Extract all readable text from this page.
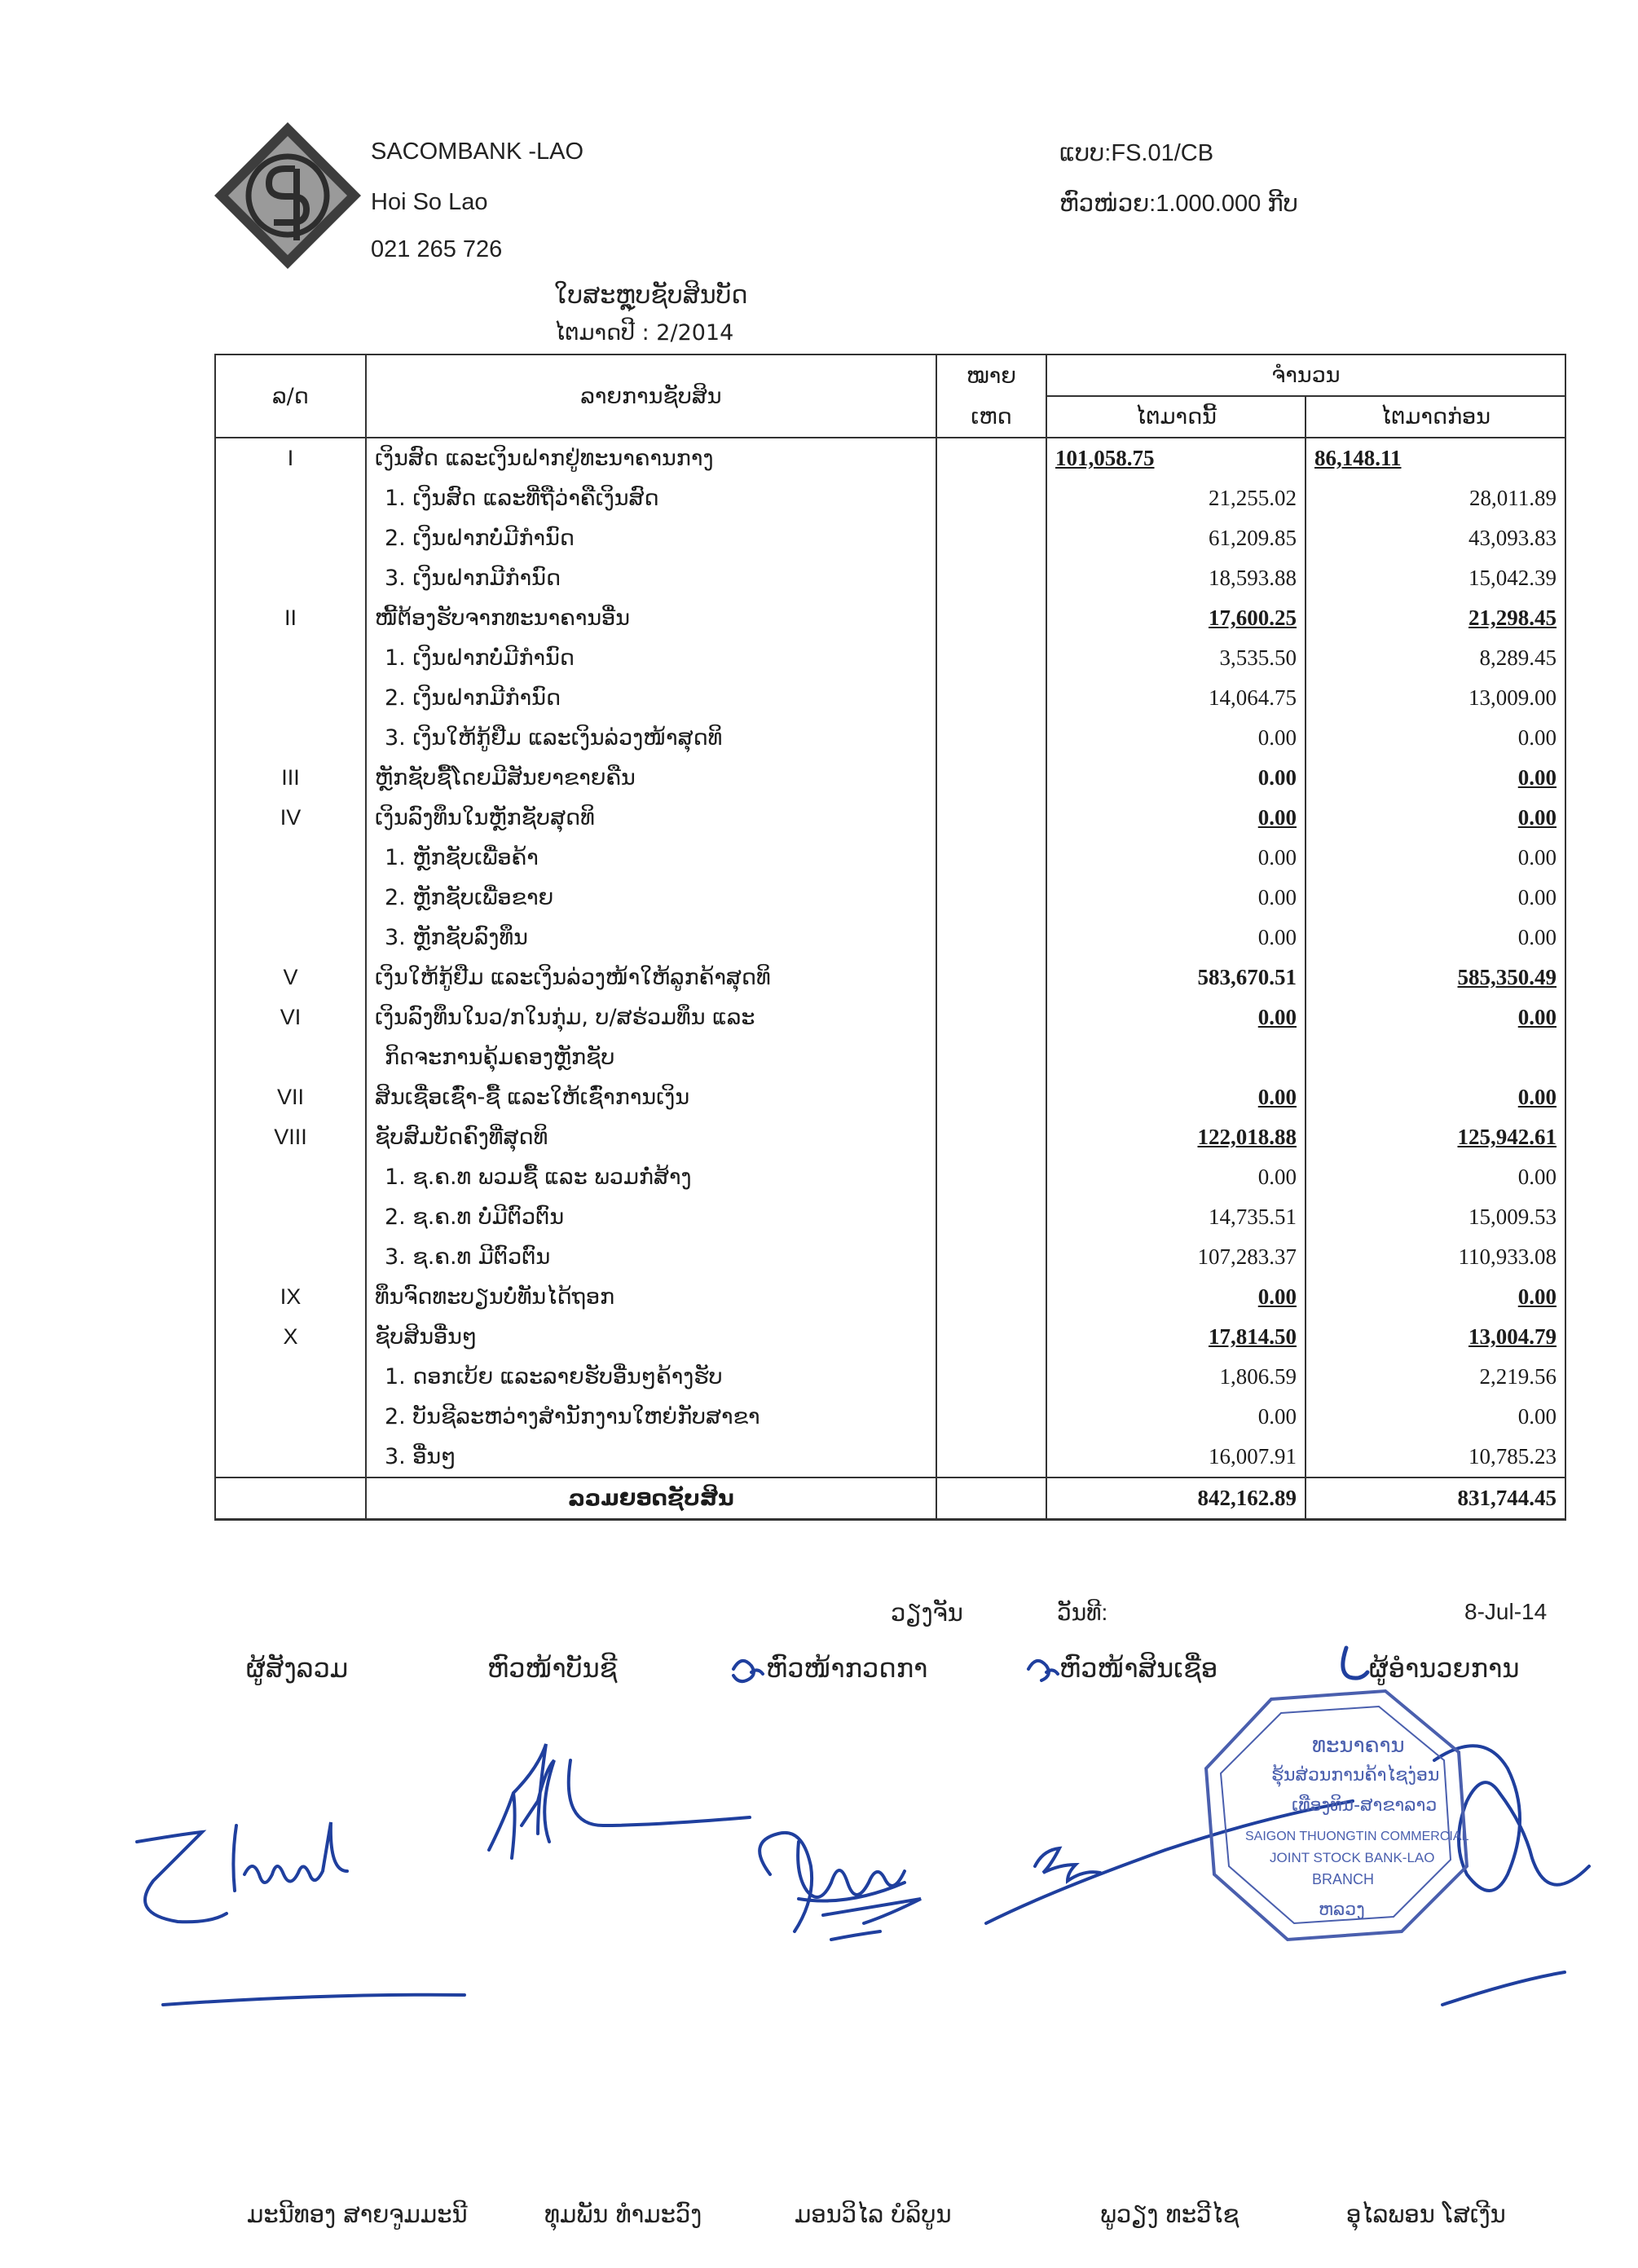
SACOMBANK -LAO
Hoi So Lao
021 265 726
ແບບ:FS.01/CB
ຫົວໜ່ວຍ:1.000.000 ກີບ
ໃບສະຫຼຸບຊັບສິນບັດ
ໄຕມາດປີ : 2/2014
ລ/ດ	ລາຍການຊັບສິນ	ໝາຍ	ຈຳນວນ	
		ເຫດ	ໄຕມາດນີ້	ໄຕມາດກ່ອນ
I	ເງິນສົດ ແລະເງິນຝາກຢູ່ທະນາຄານກາງ		101,058.75	86,148.11
	1. ເງິນສົດ ແລະທີ່ຖືວ່າຄືເງິນສົດ		21,255.02	28,011.89
	2. ເງິນຝາກບໍ່ມີກຳນົດ		61,209.85	43,093.83
	3. ເງິນຝາກມີກຳນົດ		18,593.88	15,042.39
II	ໜີ້ຕ້ອງຮັບຈາກທະນາຄານອື່ນ		17,600.25	21,298.45
	1. ເງິນຝາກບໍ່ມີກຳນົດ		3,535.50	8,289.45
	2. ເງິນຝາກມີກຳນົດ		14,064.75	13,009.00
	3. ເງິນໃຫ້ກູ້ຢືມ ແລະເງິນລ່ວງໜ້າສຸດທິ		0.00	0.00
III	ຫຼັກຊັບຊື້ໂດຍມີສັນຍາຂາຍຄືນ		0.00	0.00
IV	ເງິນລົງທຶນໃນຫຼັກຊັບສຸດທິ		0.00	0.00
	1. ຫຼັກຊັບເພື່ອຄ້າ		0.00	0.00
	2. ຫຼັກຊັບເພື່ອຂາຍ		0.00	0.00
	3. ຫຼັກຊັບລົງທຶນ		0.00	0.00
V	ເງິນໃຫ້ກູ້ຢືມ ແລະເງິນລ່ວງໜ້າໃຫ້ລູກຄ້າສຸດທິ		583,670.51	585,350.49
VI	ເງິນລົງທຶນໃນວ/ກໃນກຸ່ມ, ບ/ສຮ່ວມທຶນ ແລະ		0.00	0.00
	ກິດຈະການຄຸ້ມຄອງຫຼັກຊັບ			
VII	ສິນເຊື່ອເຊົ່າ-ຊື້ ແລະໃຫ້ເຊົ່າການເງິນ		0.00	0.00
VIII	ຊັບສົມບັດຄົງທີ່ສຸດທິ		122,018.88	125,942.61
	1. ຊ.ຄ.ທ ພວມຊື້ ແລະ ພວມກໍ່ສ້າງ		0.00	0.00
	2. ຊ.ຄ.ທ ບໍ່ມີຕົວຕົນ		14,735.51	15,009.53
	3. ຊ.ຄ.ທ ມີຕົວຕົນ		107,283.37	110,933.08
IX	ທຶນຈົດທະບຽນບໍ່ທັນໄດ້ຖອກ		0.00	0.00
X	ຊັບສິນອື່ນໆ		17,814.50	13,004.79
	1. ດອກເບ້ຍ ແລະລາຍຮັບອື່ນໆຄ້າງຮັບ		1,806.59	2,219.56
	2. ບັນຊີລະຫວ່າງສຳນັກງານໃຫຍ່ກັບສາຂາ		0.00	0.00
	3. ອື່ນໆ		16,007.91	10,785.23
	ລວມຍອດຊັບສິນ		842,162.89	831,744.45
ວຽງຈັນ	ວັນທີ:	8-Jul-14
ຜູ້ສັງລວມ	ຫົວໜ້າບັນຊີ	ຫົວໜ້າກວດກາ	ຫົວໜ້າສິນເຊື່ອ	ຜູ້ອຳນວຍການ
ມະນີທອງ ສາຍຈູມມະນີ	ທຸມພັນ ທຳມະວົງ	ມອນວິໄລ ບໍລິບູນ	ພູວຽງ ທະວີໄຊ	ອຸໄລພອນ ໂສເງີນ
ທະນາຄານ
ຮຸ້ນສ່ວນການຄ້າໄຊງ່ອນ
ເທືອງທິນ-ສາຂາລາວ
SAIGON THUONGTIN COMMERCIAL
JOINT STOCK BANK-LAO
BRANCH
ຫລວງ
